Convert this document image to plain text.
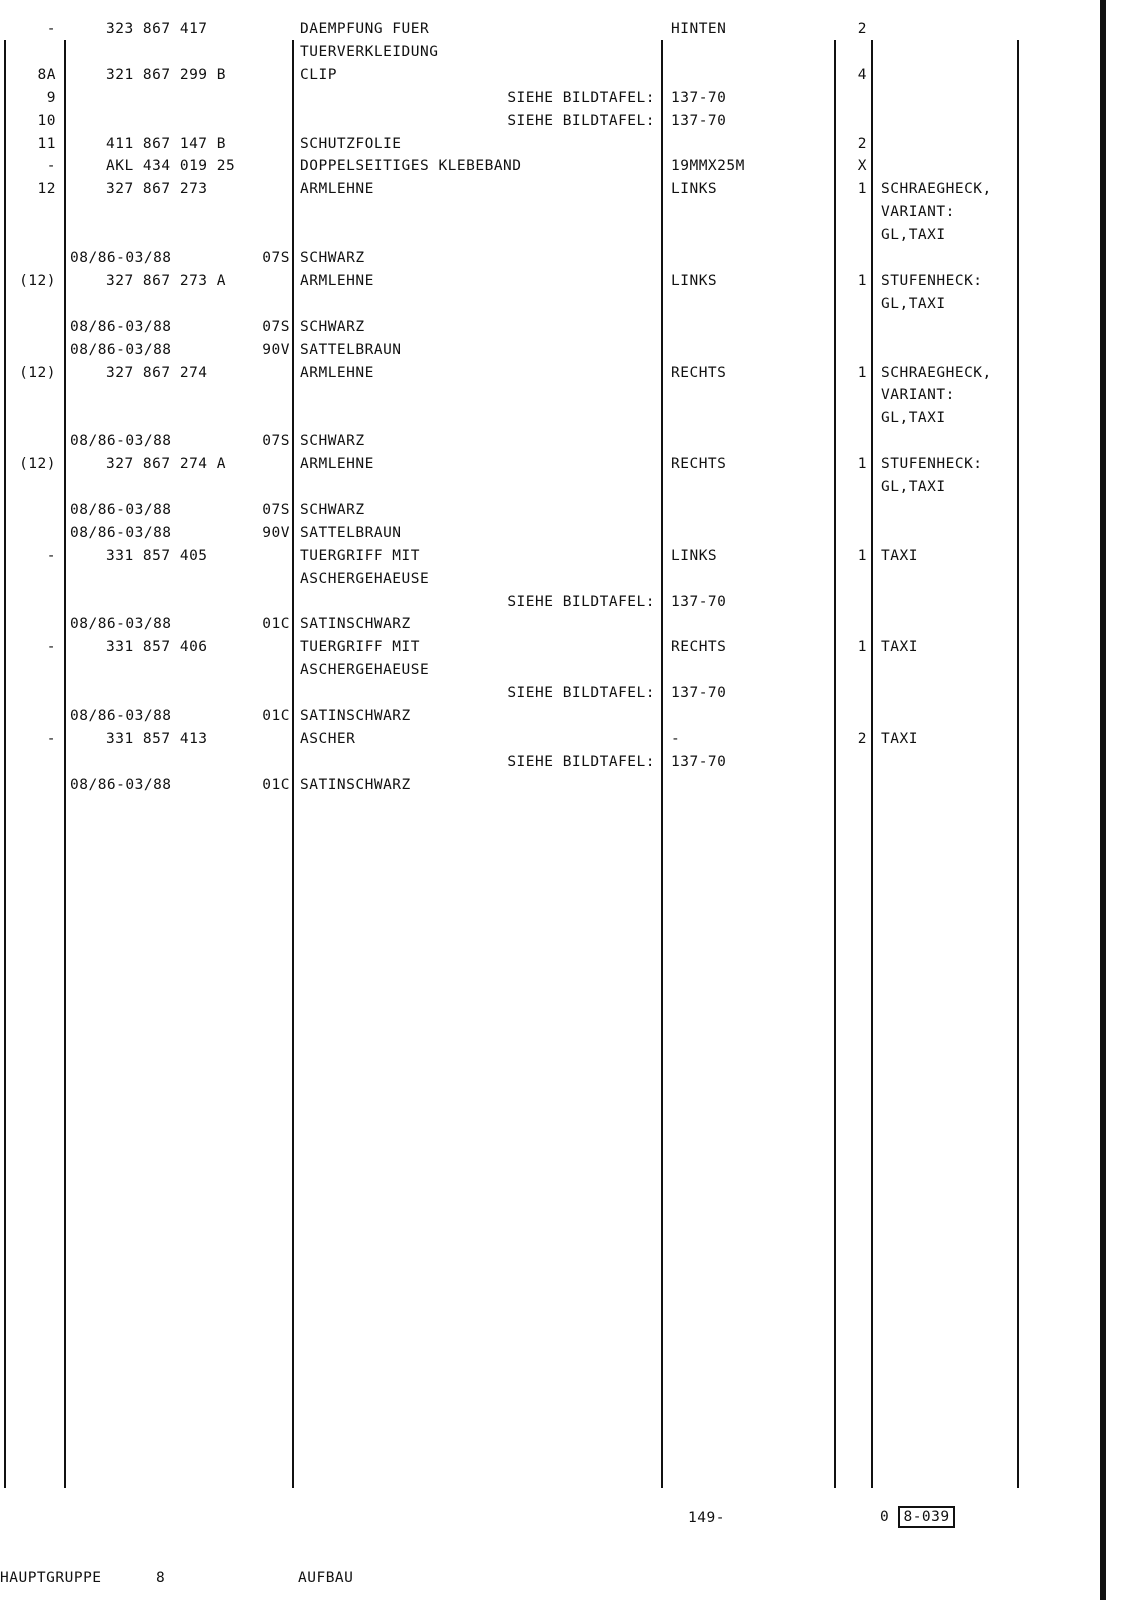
-	323 867 417	DAEMPFUNG FUER	HINTEN	2
TUERVERKLEIDUNG
8A	321 867 299 B	CLIP	4
9	SIEHE BILDTAFEL: 137-70
10	SIEHE BILDTAFEL: 137-70
11	411 867 147 B	SCHUTZFOLIE	2
-	AKL 434 019 25	DOPPELSEITIGES KLEBEBAND	19MMX25M	X
12	327 867 273	ARMLEHNE	LINKS	1 SCHRAEGHECK,
VARIANT:
GL,TAXI
08/86-03/88	07S SCHWARZ
(12)	327 867 273 A	ARMLEHNE	LINKS	1 STUFENHECK:
GL,TAXI
08/86-03/88	07S SCHWARZ
08/86-03/88	90V SATTELBRAUN
(12)	327 867 274	ARMLEHNE	RECHTS	1 SCHRAEGHECK,
VARIANT:
GL,TAXI
08/86-03/88	07S SCHWARZ
(12)	327 867 274 A	ARMLEHNE	RECHTS	1 STUFENHECK:
GL,TAXI
08/86-03/88	07S SCHWARZ
08/86-03/88	90V SATTELBRAUN
-	331 857 405	TUERGRIFF MIT	LINKS	1 TAXI
ASCHERGEHAEUSE
SIEHE BILDTAFEL: 137-70
08/86-03/88	01C SATINSCHWARZ
-	331 857 406	TUERGRIFF MIT	RECHTS	1 TAXI
ASCHERGEHAEUSE
SIEHE BILDTAFEL: 137-70
08/86-03/88	01C SATINSCHWARZ
-	331 857 413	ASCHER	-	2 TAXI
SIEHE BILDTAFEL: 137-70
08/86-03/88	01C SATINSCHWARZ
149-	0 8-039
HAUPTGRUPPE	8	AUFBAU
